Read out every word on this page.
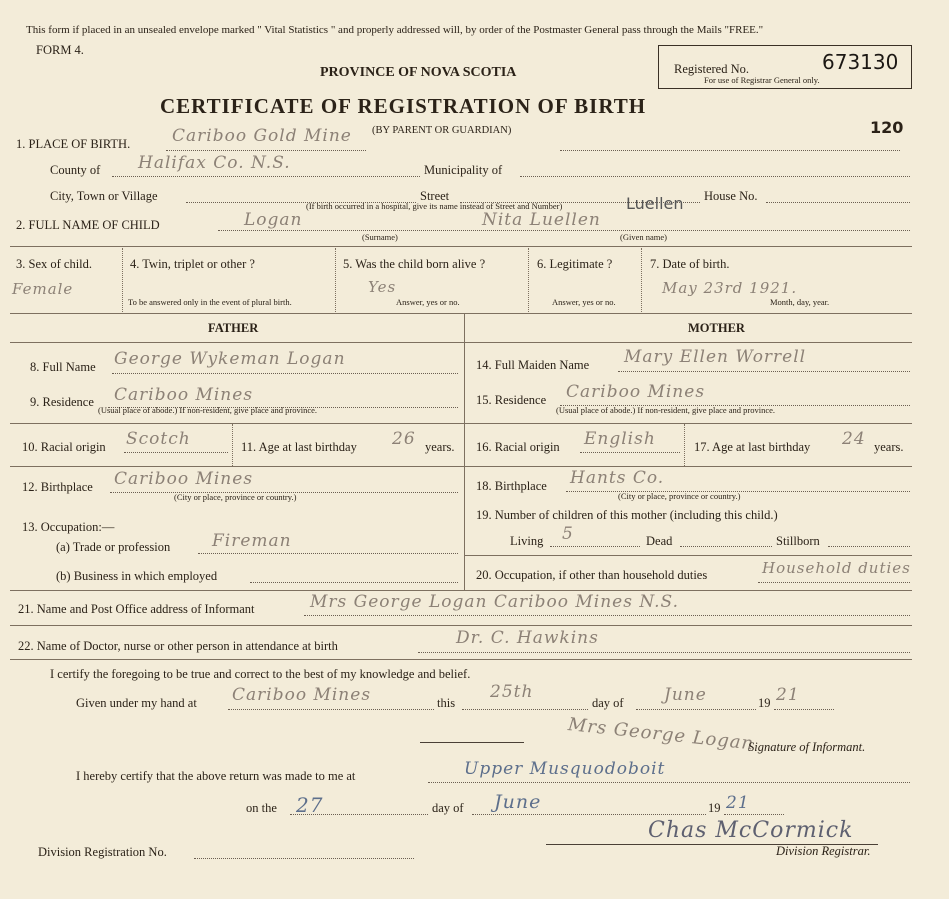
This form if placed in an unsealed envelope marked " Vital Statistics " and properly addressed will, by order of the Postmaster General pass through the Mails "FREE."
FORM 4.
PROVINCE OF NOVA SCOTIA
CERTIFICATE OF REGISTRATION OF BIRTH
(BY PARENT OR GUARDIAN)
Registered No.	673130
For use of Registrar General only.
120
1. PLACE OF BIRTH. Cariboo Gold Mine
County of Halifax Co. N.S.	Municipality of
City, Town or Village	Street
(If birth occurred in a hospital, give its name instead of Street and Number)
House No.
2. FULL NAME OF CHILD	Logan	Nita Luellen
Luellen
(Surname)	(Given name)
3. Sex of child.
Female
4. Twin, triplet or other ?
To be answered only in the event of plural birth.
5. Was the child born alive ?
Yes
Answer, yes or no.
6. Legitimate ?
Answer, yes or no.
7. Date of birth.
May 23rd 1921.
Month, day, year.
FATHER	MOTHER
8. Full Name George Wykeman Logan
9. Residence Cariboo Mines
(Usual place of abode.) If non-resident, give place and province.
10. Racial origin Scotch	11. Age at last birthday 26 years.
12. Birthplace Cariboo Mines
(City or place, province or country.)
13. Occupation:—
(a) Trade or profession Fireman
(b) Business in which employed
14. Full Maiden Name Mary Ellen Worrell
15. Residence Cariboo Mines
(Usual place of abode.) If non-resident, give place and province.
16. Racial origin English	17. Age at last birthday 24 years.
18. Birthplace Hants Co.
(City or place, province or country.)
19. Number of children of this mother (including this child.)
Living 5	Dead	Stillborn
20. Occupation, if other than household duties	Household duties
21. Name and Post Office address of Informant	Mrs George Logan Cariboo Mines N.S.
22. Name of Doctor, nurse or other person in attendance at birth	Dr. C. Hawkins
I certify the foregoing to be true and correct to the best of my knowledge and belief.
Given under my hand at Cariboo Mines	this
25th
day of June	19 21
Mrs George Logan
Signature of Informant.
I hereby certify that the above return was made to me at	Upper Musquodoboit
on the 27	day of June	19 21
Chas McCormick
Division Registration No.	Division Registrar.
